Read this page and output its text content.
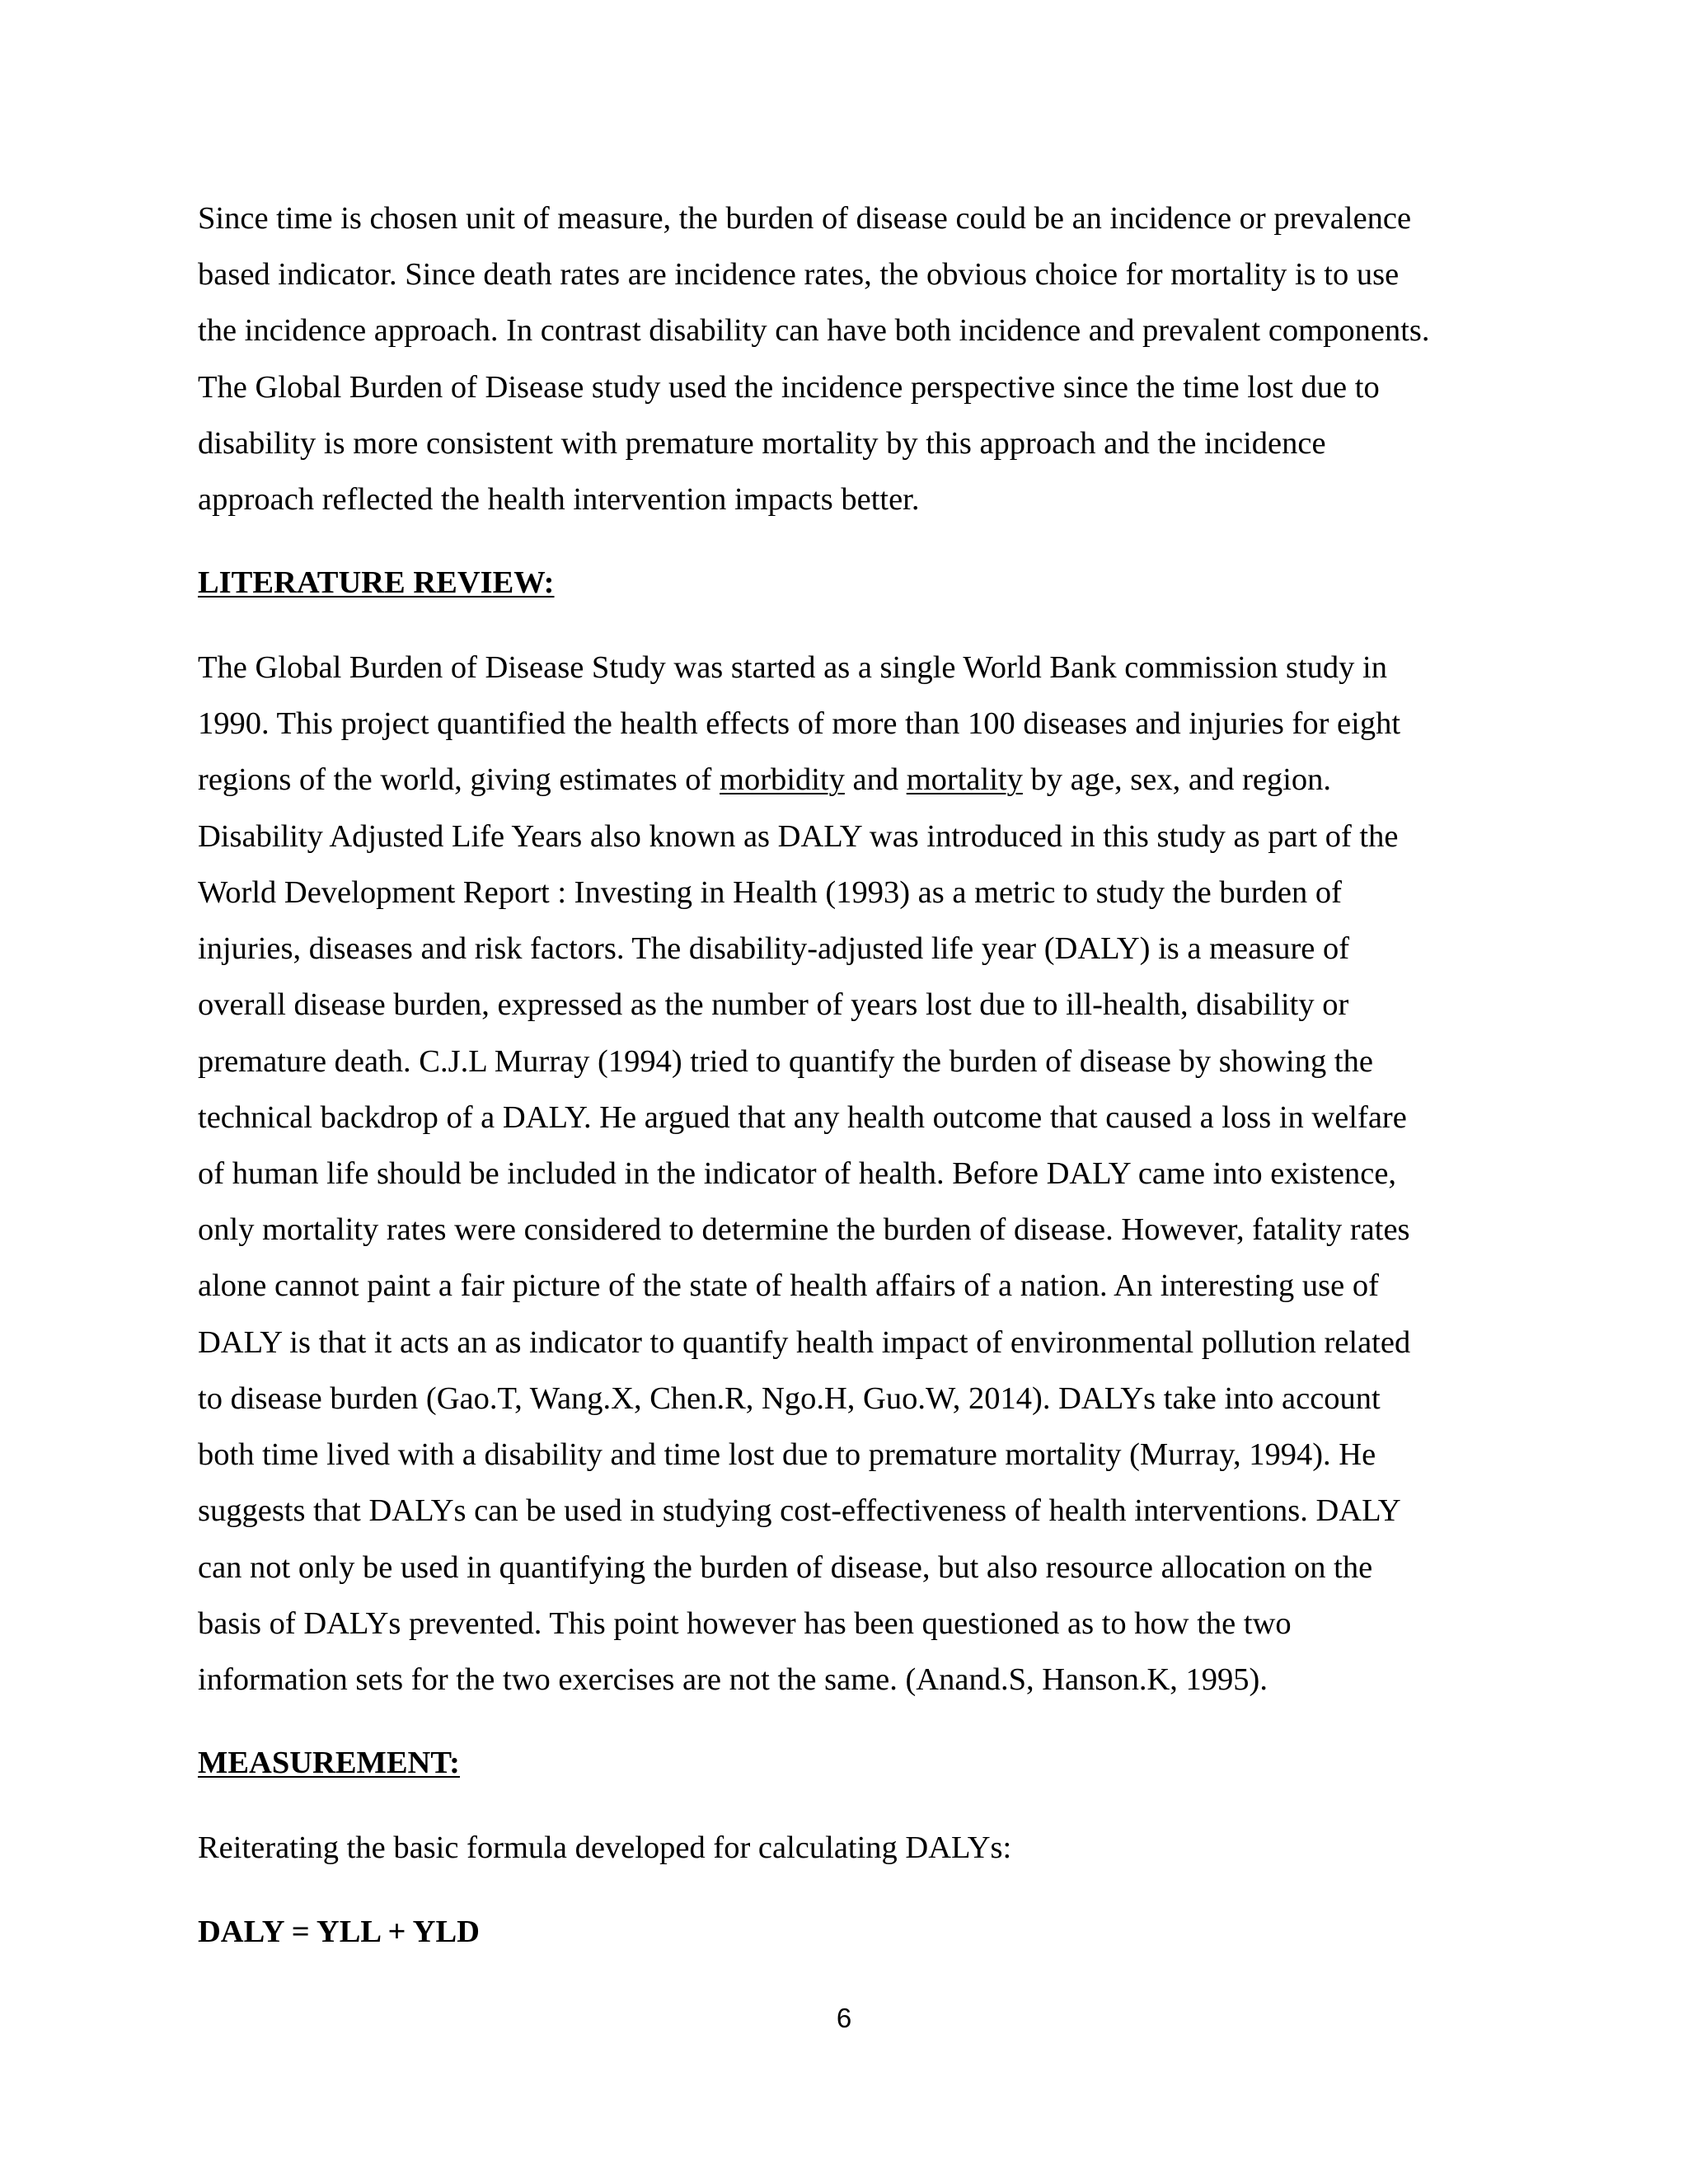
Since time is chosen unit of measure, the burden of disease could be an incidence or prevalence
based indicator. Since death rates are incidence rates, the obvious choice for mortality is to use
the incidence approach. In contrast disability can have both incidence and prevalent components.
The Global Burden of Disease study used the incidence perspective since the time lost due to
disability is more consistent with premature mortality by this approach and the incidence
approach reflected the health intervention impacts better.
LITERATURE REVIEW:
The Global Burden of Disease Study was started as a single World Bank commission study in
1990. This project quantified the health effects of more than 100 diseases and injuries for eight
regions of the world, giving estimates of morbidity and mortality by age, sex, and region.
Disability Adjusted Life Years also known as DALY was introduced in this study as part of the
World Development Report : Investing in Health (1993) as a metric to study the burden of
injuries, diseases and risk factors. The disability-adjusted life year (DALY) is a measure of
overall disease burden, expressed as the number of years lost due to ill-health, disability or
premature death. C.J.L Murray (1994) tried to quantify the burden of disease by showing the
technical backdrop of a DALY. He argued that any health outcome that caused a loss in welfare
of human life should be included in the indicator of health. Before DALY came into existence,
only mortality rates were considered to determine the burden of disease. However, fatality rates
alone cannot paint a fair picture of the state of health affairs of a nation. An interesting use of
DALY is that it acts an as indicator to quantify health impact of environmental pollution related
to disease burden (Gao.T, Wang.X, Chen.R, Ngo.H, Guo.W, 2014). DALYs take into account
both time lived with a disability and time lost due to premature mortality (Murray, 1994). He
suggests that DALYs can be used in studying cost-effectiveness of health interventions. DALY
can not only be used in quantifying the burden of disease, but also resource allocation on the
basis of DALYs prevented. This point however has been questioned as to how the two
information sets for the two exercises are not the same. (Anand.S, Hanson.K, 1995).
MEASUREMENT:
Reiterating the basic formula developed for calculating DALYs:
DALY = YLL + YLD
6
